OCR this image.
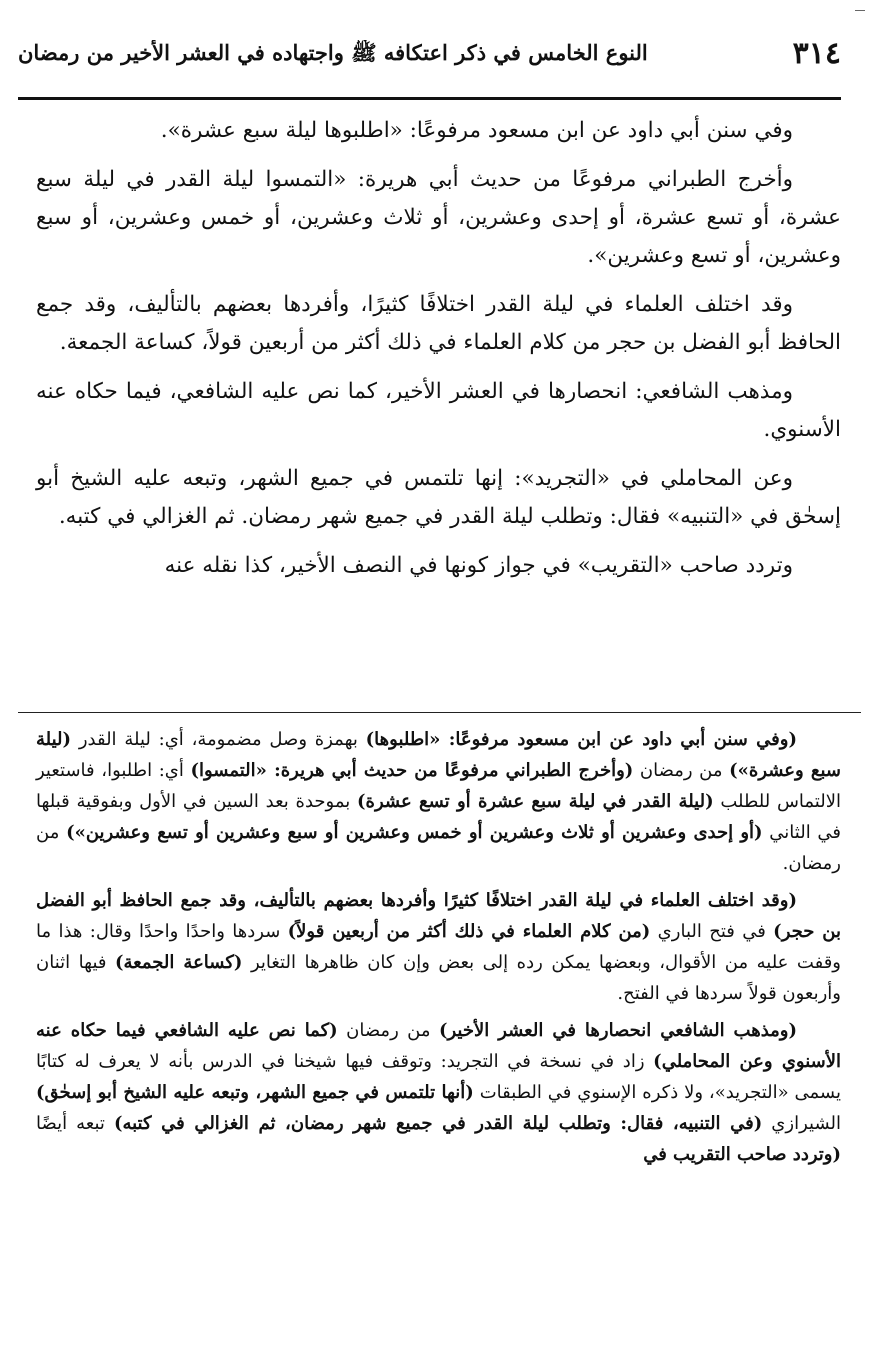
٣١٤
النوع الخامس في ذكر اعتكافه ﷺ واجتهاده في العشر الأخير من رمضان

وفي سنن أبي داود عن ابن مسعود مرفوعًا: «اطلبوها ليلة سبع عشرة».

وأخرج الطبراني مرفوعًا من حديث أبي هريرة: «التمسوا ليلة القدر في ليلة سبع عشرة، أو تسع عشرة، أو إحدى وعشرين، أو ثلاث وعشرين، أو خمس وعشرين، أو سبع وعشرين، أو تسع وعشرين».

وقد اختلف العلماء في ليلة القدر اختلافًا كثيرًا، وأفردها بعضهم بالتأليف، وقد جمع الحافظ أبو الفضل بن حجر من كلام العلماء في ذلك أكثر من أربعين قولاً، كساعة الجمعة.

ومذهب الشافعي: انحصارها في العشر الأخير، كما نص عليه الشافعي، فيما حكاه عنه الأسنوي.

وعن المحاملي في «التجريد»: إنها تلتمس في جميع الشهر، وتبعه عليه الشيخ أبو إسحٰق في «التنبيه» فقال: وتطلب ليلة القدر في جميع شهر رمضان. ثم الغزالي في كتبه.

وتردد صاحب «التقريب» في جواز كونها في النصف الأخير، كذا نقله عنه

(وفي سنن أبي داود عن ابن مسعود مرفوعًا: «اطلبوها) بهمزة وصل مضمومة، أي: ليلة القدر (ليلة سبع وعشرة») من رمضان (وأخرج الطبراني مرفوعًا من حديث أبي هريرة: «التمسوا) أي: اطلبوا، فاستعير الالتماس للطلب (ليلة القدر في ليلة سبع عشرة أو تسع عشرة) بموحدة بعد السين في الأول وبفوقية قبلها في الثاني (أو إحدى وعشرين أو ثلاث وعشرين أو خمس وعشرين أو سبع وعشرين أو تسع وعشرين») من رمضان.

(وقد اختلف العلماء في ليلة القدر اختلافًا كثيرًا وأفردها بعضهم بالتأليف، وقد جمع الحافظ أبو الفضل بن حجر) في فتح الباري (من كلام العلماء في ذلك أكثر من أربعين قولاً) سردها واحدًا واحدًا وقال: هذا ما وقفت عليه من الأقوال، وبعضها يمكن رده إلى بعض وإن كان ظاهرها التغاير (كساعة الجمعة) فيها اثنان وأربعون قولاً سردها في الفتح.

(ومذهب الشافعي انحصارها في العشر الأخير) من رمضان (كما نص عليه الشافعي فيما حكاه عنه الأسنوي وعن المحاملي) زاد في نسخة في التجريد: وتوقف فيها شيخنا في الدرس بأنه لا يعرف له كتابًا يسمى «التجريد»، ولا ذكره الإسنوي في الطبقات (أنها تلتمس في جميع الشهر، وتبعه عليه الشيخ أبو إسحٰق) الشيرازي (في التنبيه، فقال: وتطلب ليلة القدر في جميع شهر رمضان، ثم الغزالي في كتبه) تبعه أيضًا (وتردد صاحب التقريب في
